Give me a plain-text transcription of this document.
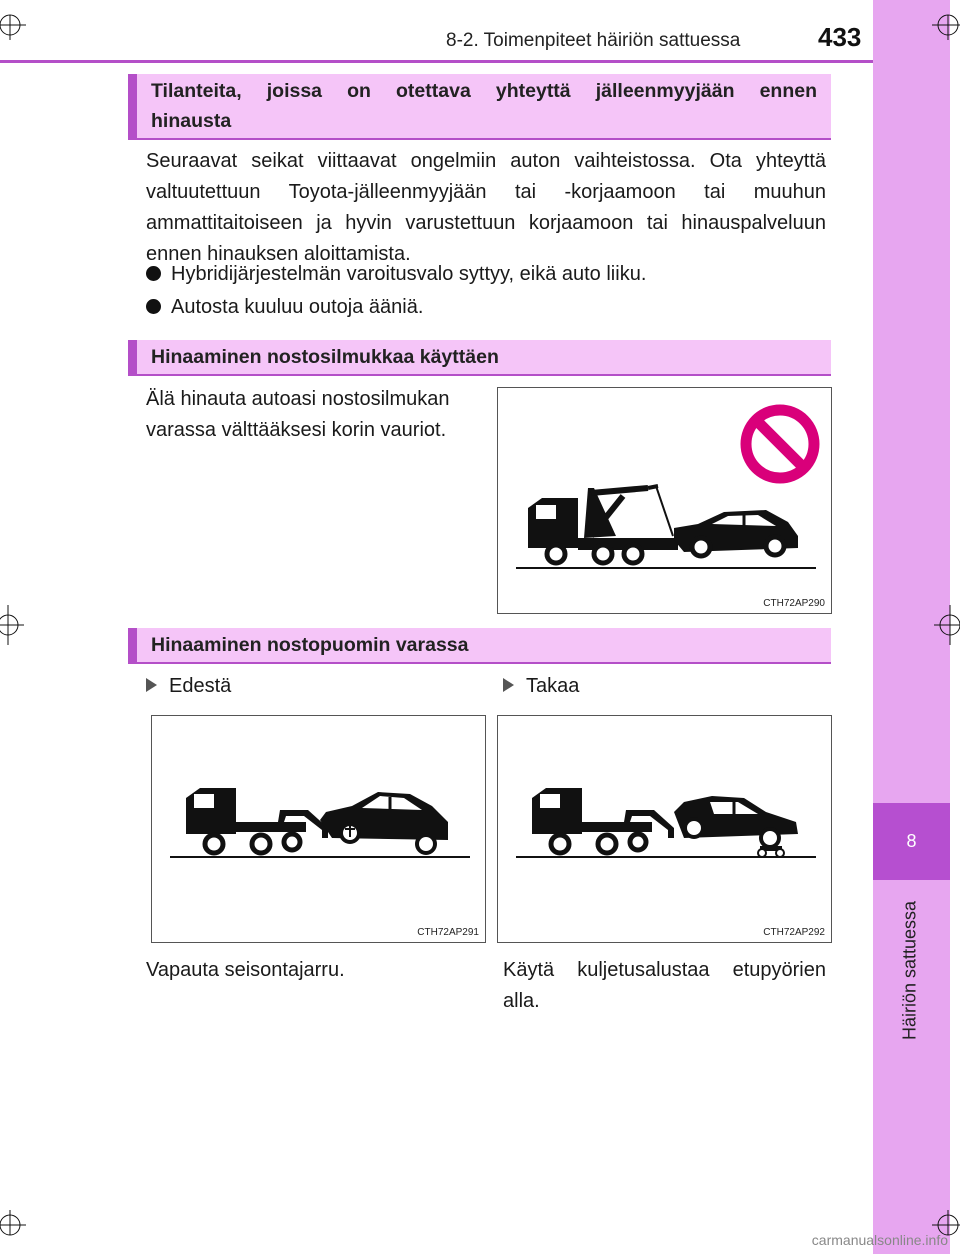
8-2. Toimenpiteet häiriön sattuessa	433
8
Häiriön sattuessa
Tilanteita, joissa on otettava yhteyttä jälleenmyyjään ennen hinausta
Seuraavat seikat viittaavat ongelmiin auton vaihteistossa. Ota yhteyttä valtuutettuun Toyota-jälleenmyyjään tai -korjaamoon tai muuhun ammattitaitoiseen ja hyvin varustettuun korjaamoon tai hinauspalveluun ennen hinauksen aloittamista.
Hybridijärjestelmän varoitusvalo syttyy, eikä auto liiku.
Autosta kuuluu outoja ääniä.
Hinaaminen nostosilmukkaa käyttäen
Älä hinauta autoasi nostosilmukan varassa välttääksesi korin vauriot.
CTH72AP290
Hinaaminen nostopuomin varassa
Edestä	Takaa
CTH72AP291	CTH72AP292
Vapauta seisontajarru.	Käytä kuljetusalustaa etupyörien alla.
carmanualsonline.info
